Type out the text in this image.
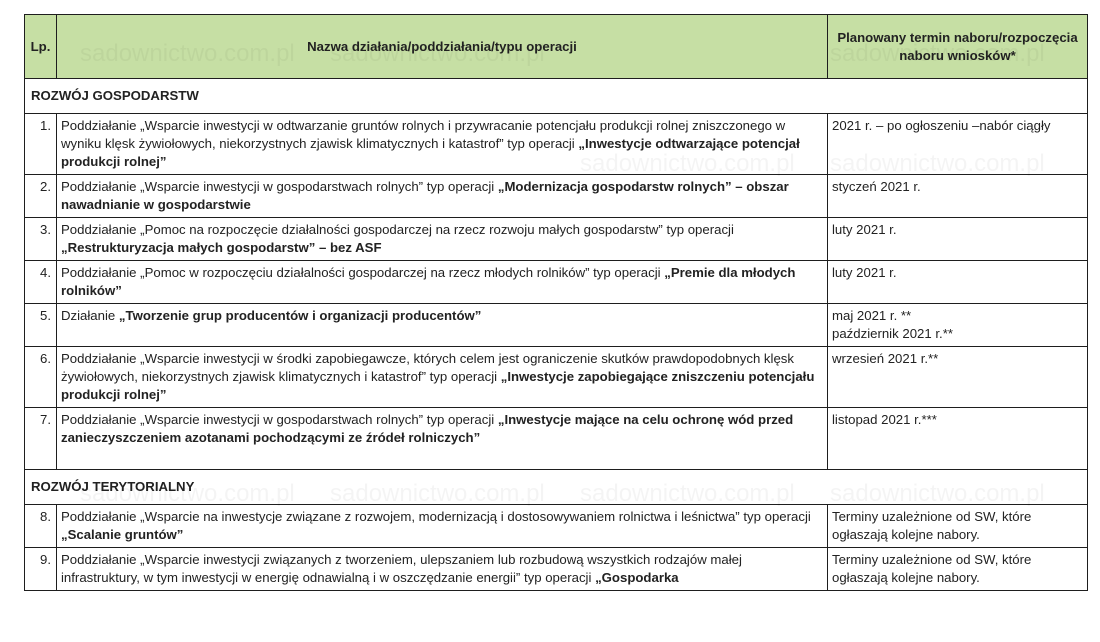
Lp.	Nazwa działania/poddziałania/typu operacji	Planowany termin naboru/rozpoczęcia naboru wniosków*
ROZWÓJ GOSPODARSTW		
1.	Poddziałanie „Wsparcie inwestycji w odtwarzanie gruntów rolnych i przywracanie potencjału produkcji rolnej zniszczonego w wyniku klęsk żywiołowych, niekorzystnych zjawisk klimatycznych i katastrof” typ operacji „Inwestycje odtwarzające potencjał produkcji rolnej”	2021 r. – po ogłoszeniu –nabór ciągły
2.	Poddziałanie „Wsparcie inwestycji w gospodarstwach rolnych” typ operacji „Modernizacja gospodarstw rolnych” – obszar nawadnianie w gospodarstwie	styczeń 2021 r.
3.	Poddziałanie „Pomoc na rozpoczęcie działalności gospodarczej na rzecz rozwoju małych gospodarstw” typ operacji „Restrukturyzacja małych gospodarstw” – bez ASF	luty 2021 r.
4.	Poddziałanie „Pomoc w rozpoczęciu działalności gospodarczej na rzecz młodych rolników” typ operacji „Premie dla młodych rolników”	luty 2021 r.
5.	Działanie „Tworzenie grup producentów i organizacji producentów”	maj 2021 r. **
październik 2021 r.**

6.	Poddziałanie „Wsparcie inwestycji w środki zapobiegawcze, których celem jest ograniczenie skutków prawdopodobnych klęsk żywiołowych, niekorzystnych zjawisk klimatycznych i katastrof” typ operacji „Inwestycje zapobiegające zniszczeniu potencjału produkcji rolnej”	wrzesień 2021 r.**
7.	Poddziałanie „Wsparcie inwestycji w gospodarstwach rolnych” typ operacji „Inwestycje mające na celu ochronę wód przed zanieczyszczeniem azotanami pochodzącymi ze źródeł rolniczych”	listopad 2021 r.***
ROZWÓJ TERYTORIALNY		
8.	Poddziałanie „Wsparcie na inwestycje związane z rozwojem, modernizacją i dostosowywaniem rolnictwa i leśnictwa” typ operacji „Scalanie gruntów”	Terminy uzależnione od SW, które ogłaszają kolejne nabory.
9.	Poddziałanie „Wsparcie inwestycji związanych z tworzeniem, ulepszaniem lub rozbudową wszystkich rodzajów małej infrastruktury, w tym inwestycji w energię odnawialną i w oszczędzanie energii” typ operacji „Gospodarka	Terminy uzależnione od SW, które ogłaszają kolejne nabory.
